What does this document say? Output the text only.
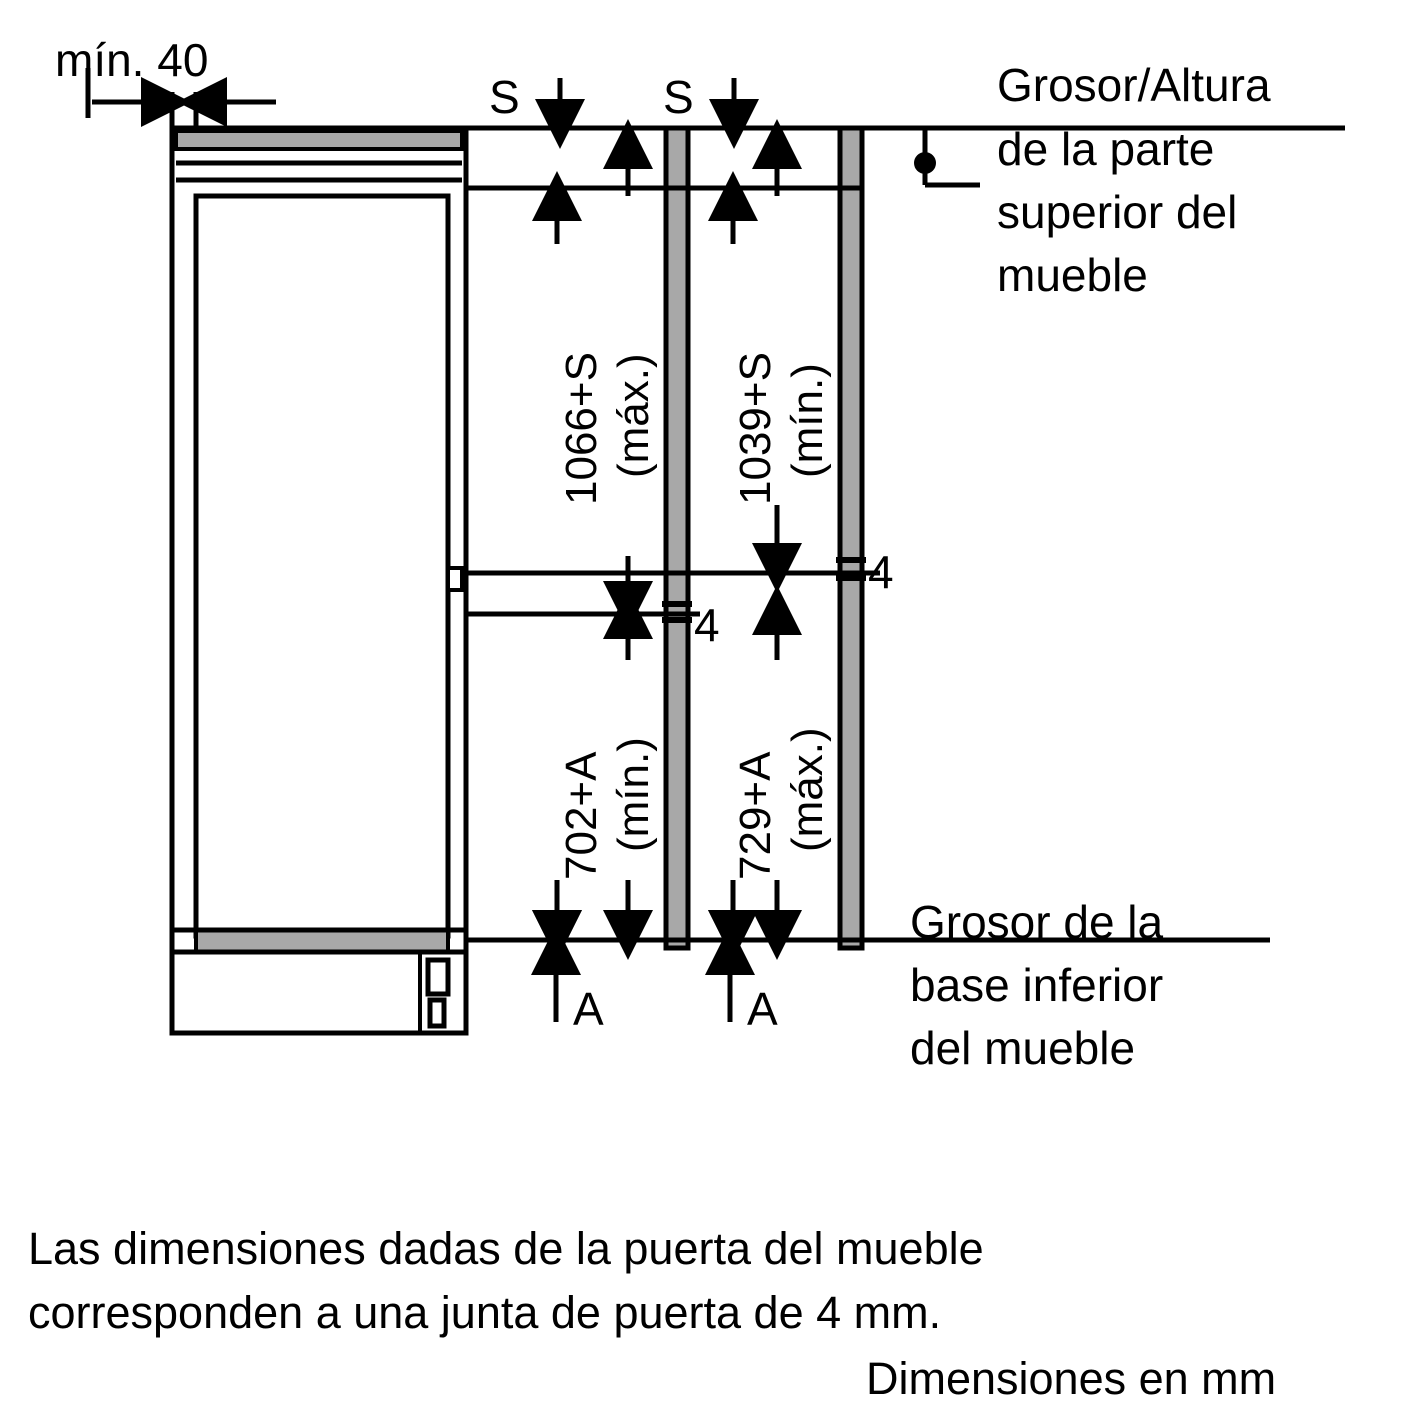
mín. 40
S	S
A	A
4
4
1066+S (máx.) 1039+S (mín.)
702+A (mín.) 729+A (máx.)
Grosor/Altura
de la parte
superior del
mueble
Grosor de la
base inferior
del mueble
Las dimensiones dadas de la puerta del mueble
corresponden a una junta de puerta de 4 mm.
Dimensiones en mm
